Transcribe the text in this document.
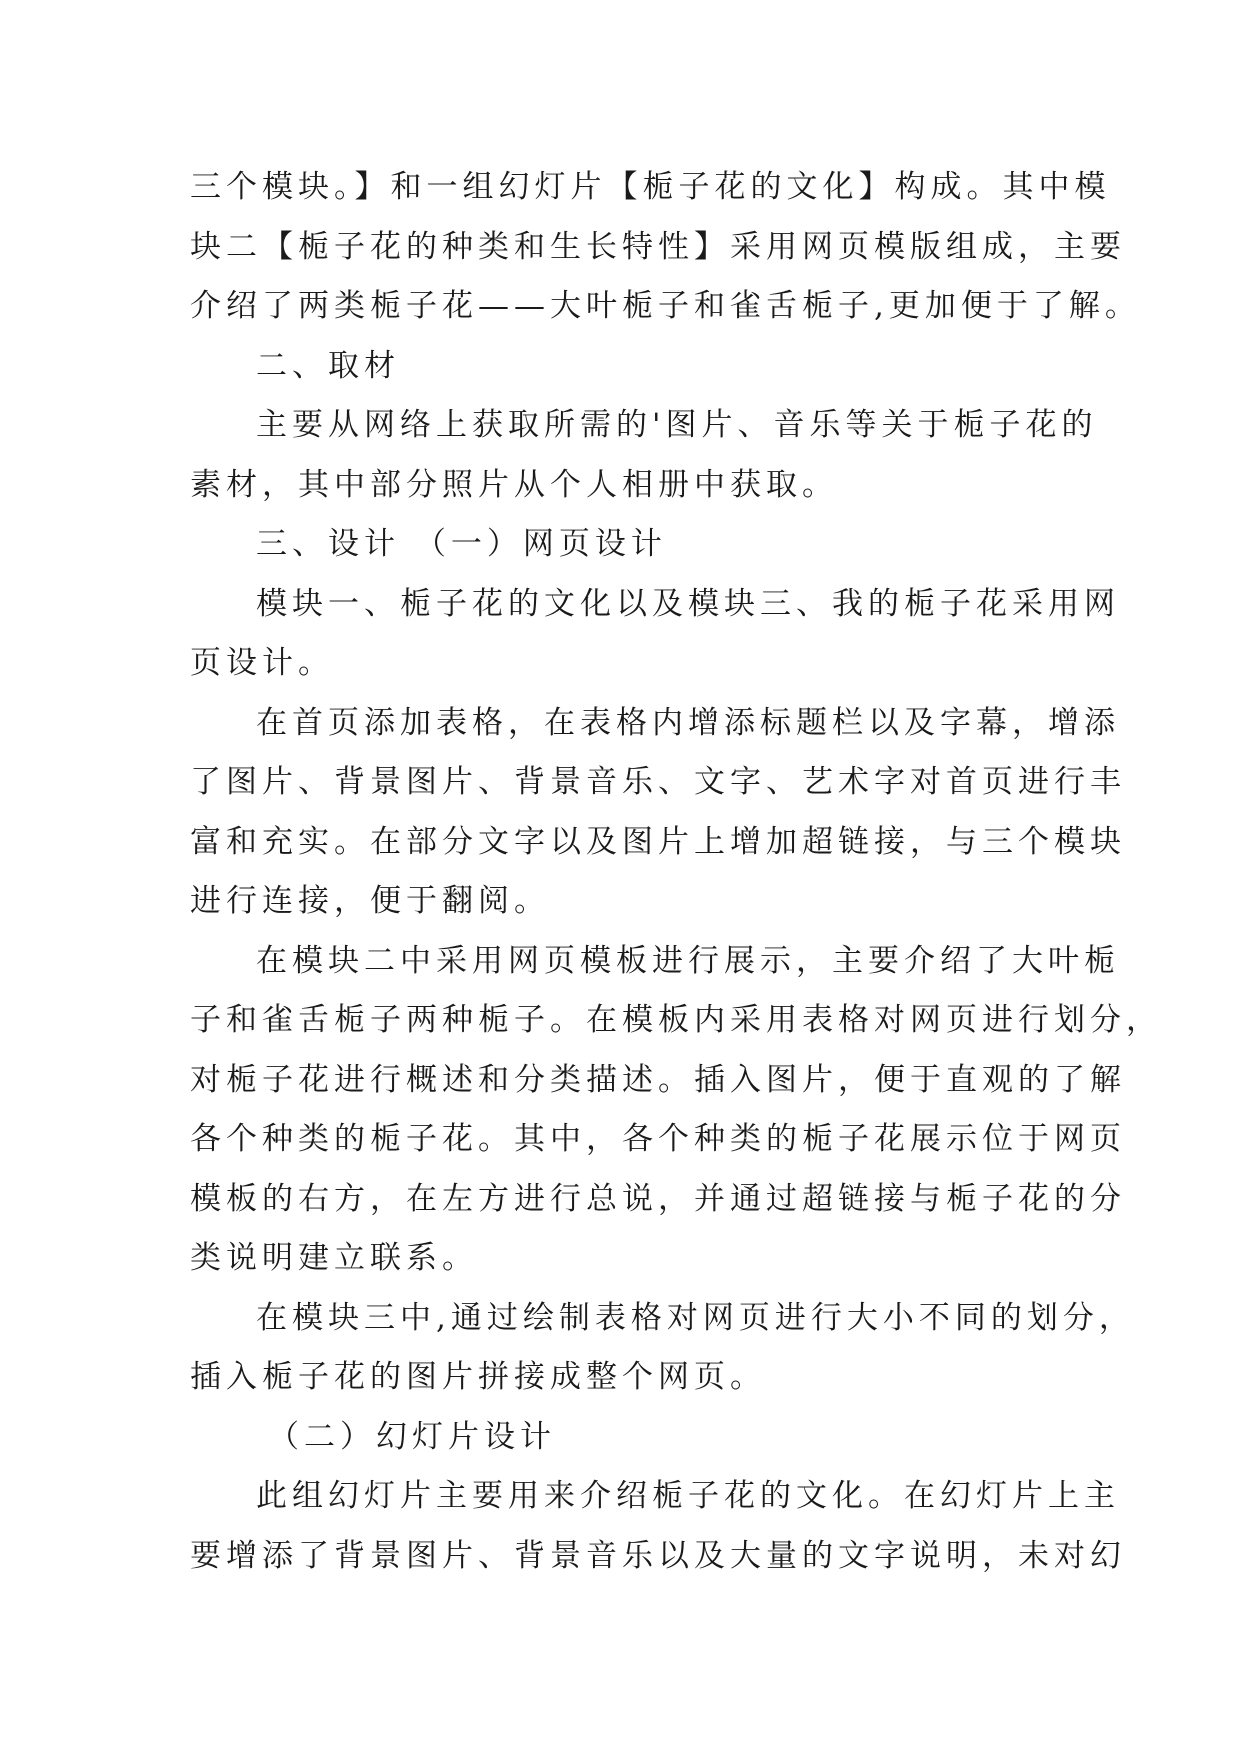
三个模块。】和一组幻灯片【栀子花的文化】构成。其中模

块二【栀子花的种类和生长特性】采用网页模版组成，主要

介绍了两类栀子花——大叶栀子和雀舌栀子,更加便于了解。

二、取材

主要从网络上获取所需的'图片、音乐等关于栀子花的

素材，其中部分照片从个人相册中获取。

三、设计 （一）网页设计

模块一、栀子花的文化以及模块三、我的栀子花采用网

页设计。

在首页添加表格，在表格内增添标题栏以及字幕，增添

了图片、背景图片、背景音乐、文字、艺术字对首页进行丰

富和充实。在部分文字以及图片上增加超链接，与三个模块

进行连接，便于翻阅。

在模块二中采用网页模板进行展示，主要介绍了大叶栀

子和雀舌栀子两种栀子。在模板内采用表格对网页进行划分，

对栀子花进行概述和分类描述。插入图片，便于直观的了解

各个种类的栀子花。其中，各个种类的栀子花展示位于网页

模板的右方，在左方进行总说，并通过超链接与栀子花的分

类说明建立联系。

在模块三中,通过绘制表格对网页进行大小不同的划分，

插入栀子花的图片拼接成整个网页。

（二）幻灯片设计

此组幻灯片主要用来介绍栀子花的文化。在幻灯片上主

要增添了背景图片、背景音乐以及大量的文字说明，未对幻
